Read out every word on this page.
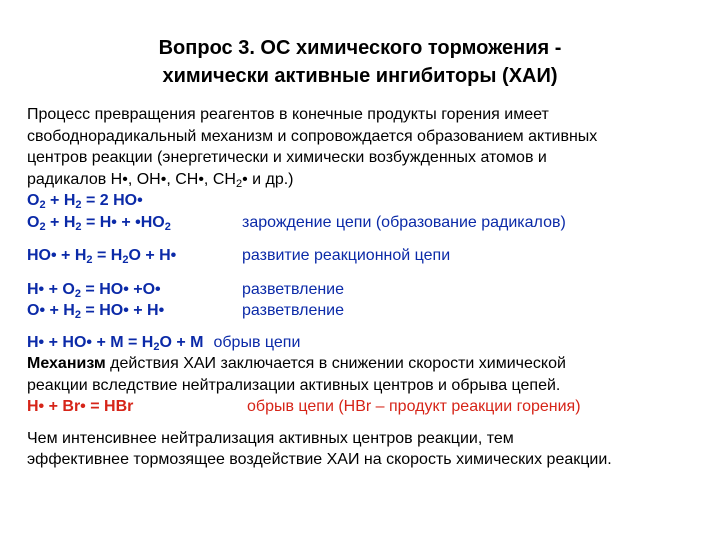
Вопрос 3. ОС химического торможения -
химически активные ингибиторы (ХАИ)
Процесс превращения реагентов в конечные продукты горения имеет
свободнорадикальный механизм и сопровождается образованием активных
центров реакции (энергетически и химически возбужденных атомов и
радикалов Н•, ОН•, СН•, $СН_2•$ и др.)
$O_2 + H_2 = 2$ HO•
$O_2 + H_2$ = H• + $•HO_2$	зарождение цепи (образование радикалов)
HO• + $H_2 = H_2O$ + H•	развитие реакционной цепи
H• + $O_2$ = HO• +O•	разветвление
O• + $H_2$ = HO• + H•	разветвление
H• + HO• + $M = H_2O + M$ обрыв цепи
Механизм действия ХАИ заключается в снижении скорости химической
реакции вследствие нейтрализации активных центров и обрыва цепей.
H• + Br• = HBr	обрыв цепи (HBr – продукт реакции горения)
Чем интенсивнее нейтрализация активных центров реакции, тем
эффективнее тормозящее воздействие ХАИ на скорость химических реакции.
